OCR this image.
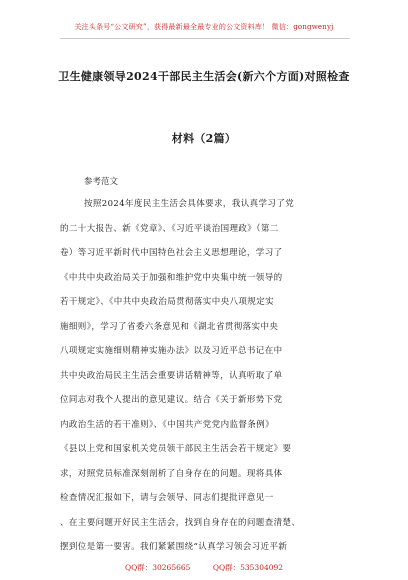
关注头条号“公文研究”，获得最新最全最专业的公文资料库！ 微信：gongwenyj
卫生健康领导2024干部民主生活会(新六个方面)对照检查
材料（2篇）
参考范文
按照2024年度民主生活会具体要求，我认真学习了党
的二十大报告、新《党章》、《习近平谈治国理政》（第二
卷）等习近平新时代中国特色社会主义思想理论，学习了
《中共中央政治局关于加强和维护党中央集中统一领导的
若干规定》、《中共中央政治局贯彻落实中央八项规定实
施细则》，学习了省委六条意见和《湖北省贯彻落实中央
八项规定实施细则精神实施办法》以及习近平总书记在中
共中央政治局民主生活会重要讲话精神等，认真听取了单
位同志对我个人提出的意见建议。结合《关于新形势下党
内政治生活的若干准则》、《中国共产党党内监督条例》
《县以上党和国家机关党员领干部民主生活会若干规定》要
求，对照党员标准深刻剖析了自身存在的问题。现将具体
检查情况汇报如下，请与会领导、同志们提批评意见一
、在主要问题开好民主生活会，找到自身存在的问题查清楚、
摆到位是第一要害。我们紧紧围绕“认真学习领会习近平新
QQ群：30265665	QQ群：535304092
